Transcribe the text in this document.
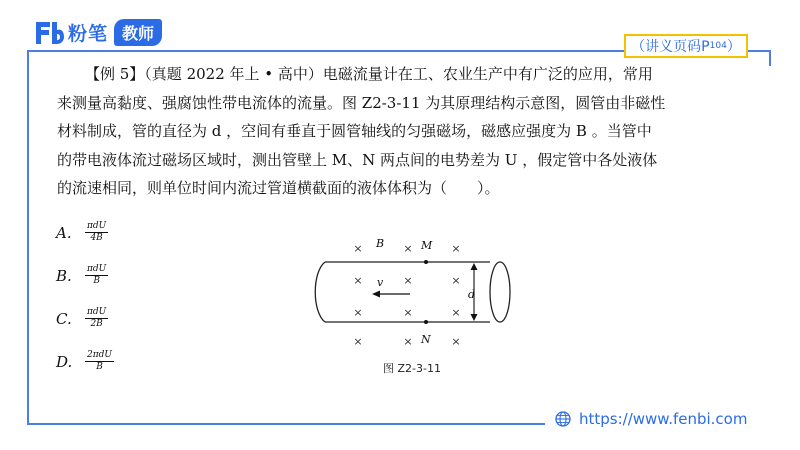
粉笔 教师
（讲义页码P 104 ）

【例 5】（真题 2022 年上 • 高中）电磁流量计在工、农业生产中有广泛的应用，常用
来测量高黏度、强腐蚀性带电流体的流量。图 Z2-3-11 为其原理结构示意图，圆管由非磁性
材料制成，管的直径为 d ，空间有垂直于圆管轴线的匀强磁场，磁感应强度为 B 。当管中
的带电液体流过磁场区域时，测出管壁上 M、N 两点间的电势差为 U ，假定管中各处液体
的流速相同，则单位时间内流过管道横截面的液体体积为（　　）。

A.	$\frac{\text{πdU}}{4B}$
B.	$\frac{\text{πdU}}{B}$
C.	$\frac{\text{πdU}}{2B}$
D.	$\frac{\text{2πdU}}{B}$
×	×	×
×	×	×
×	×	×
×	×	×
B	M
N
v
d
图 Z2-3-11
https://www.fenbi.com
